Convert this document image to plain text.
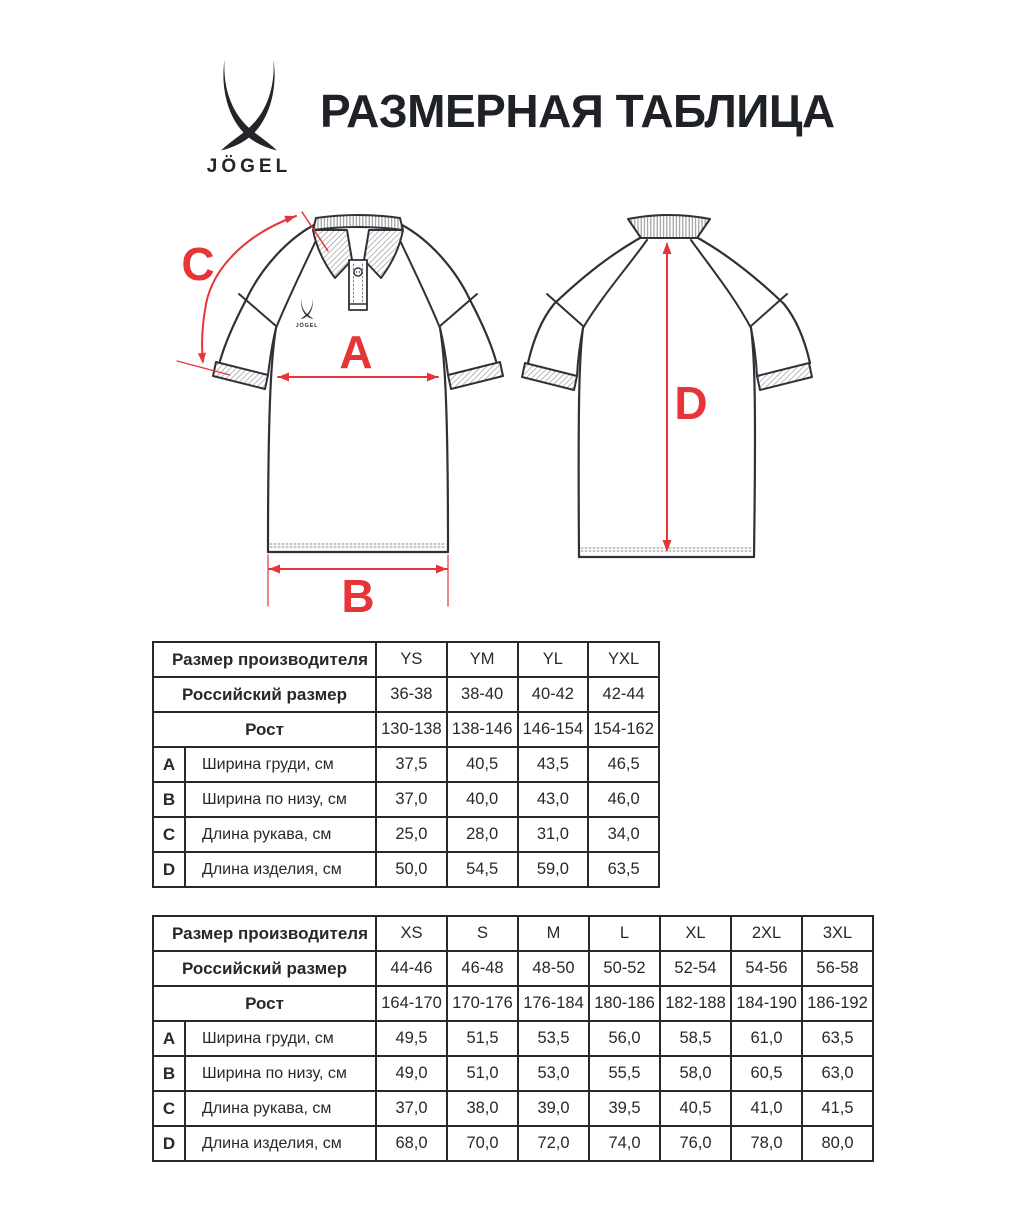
JÖGEL
РАЗМЕРНАЯ ТАБЛИЦА
JÖGEL A
B
C
D
Размер производителя		YS	YM	YL	YXL
Российский размер		36-38	38-40	40-42	42-44
Рост		130-138	138-146	146-154	154-162
A	Ширина груди, см	37,5	40,5	43,5	46,5
B	Ширина по низу, см	37,0	40,0	43,0	46,0
C	Длина рукава, см	25,0	28,0	31,0	34,0
D	Длина изделия, см	50,0	54,5	59,0	63,5
Размер производителя		XS	S	M	L	XL	2XL	3XL
Российский размер		44-46	46-48	48-50	50-52	52-54	54-56	56-58
Рост		164-170	170-176	176-184	180-186	182-188	184-190	186-192
A	Ширина груди, см	49,5	51,5	53,5	56,0	58,5	61,0	63,5
B	Ширина по низу, см	49,0	51,0	53,0	55,5	58,0	60,5	63,0
C	Длина рукава, см	37,0	38,0	39,0	39,5	40,5	41,0	41,5
D	Длина изделия, см	68,0	70,0	72,0	74,0	76,0	78,0	80,0
